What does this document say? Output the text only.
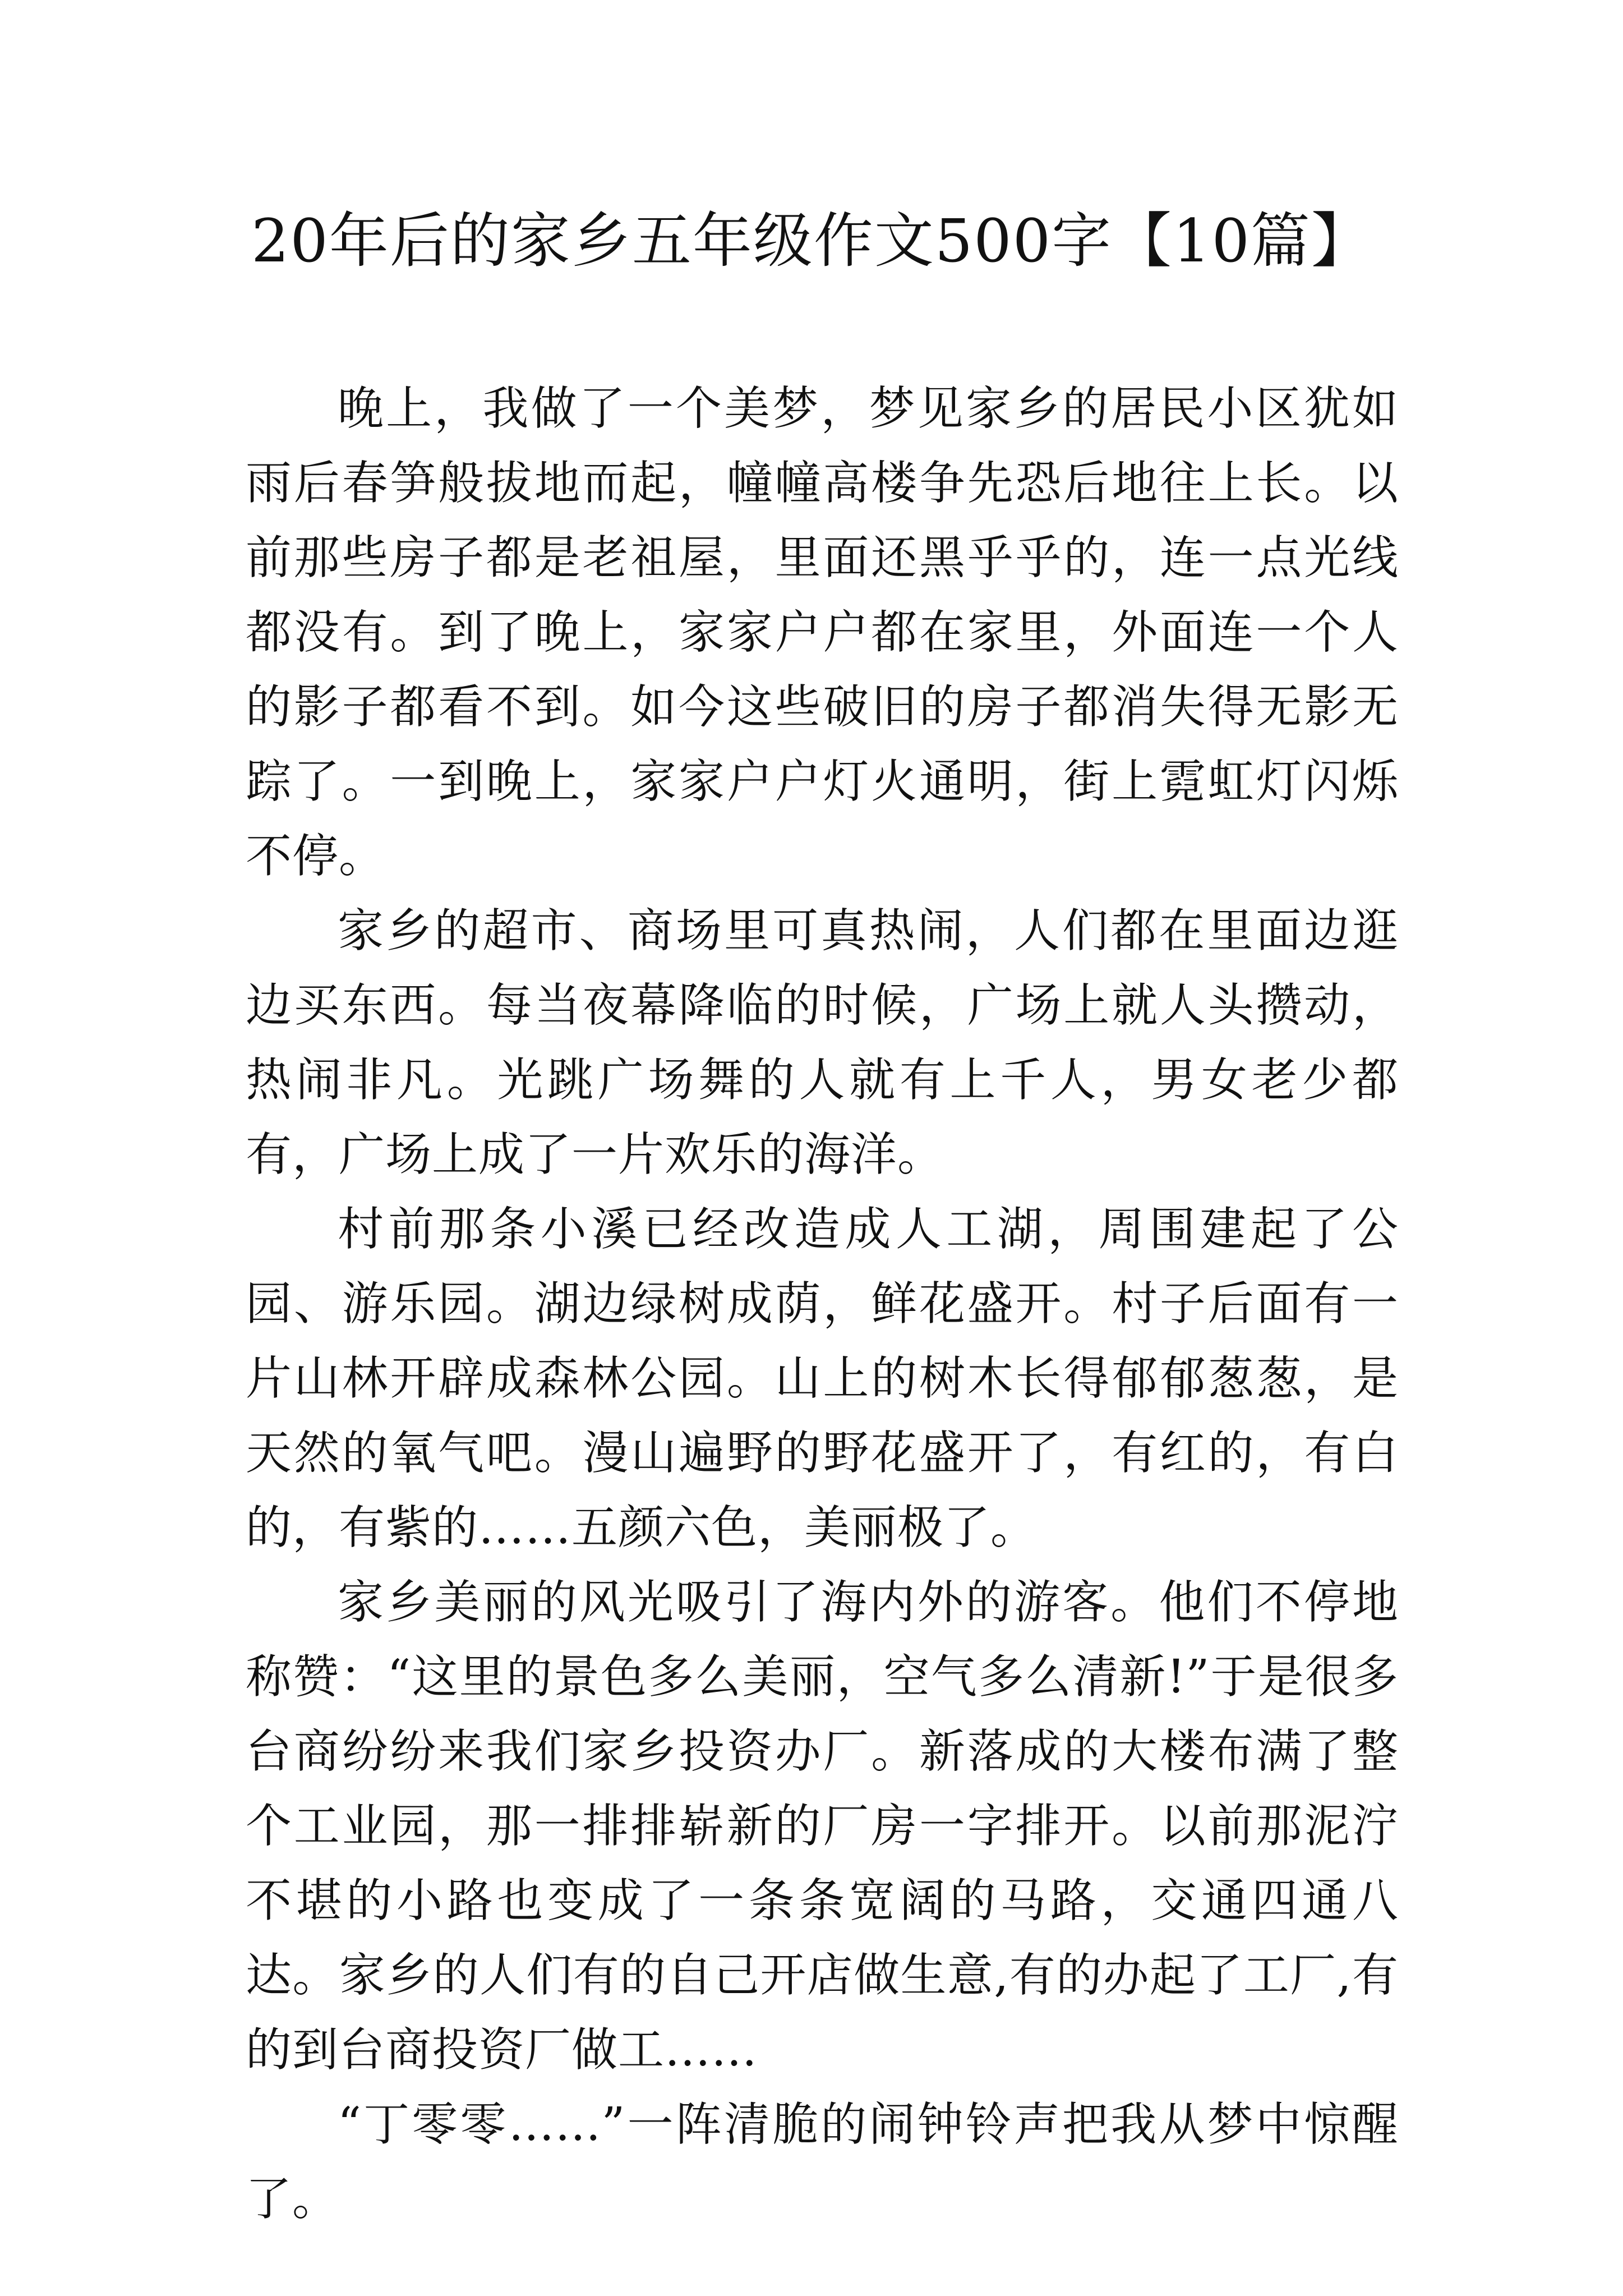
20年后的家乡五年级作文500字【10篇】

晚上，我做了一个美梦，梦见家乡的居民小区犹如雨后春笋般拔地而起，幢幢高楼争先恐后地往上长。以前那些房子都是老祖屋，里面还黑乎乎的，连一点光线都没有。到了晚上，家家户户都在家里，外面连一个人的影子都看不到。如今这些破旧的房子都消失得无影无踪了。一到晚上，家家户户灯火通明，街上霓虹灯闪烁不停。

家乡的超市、商场里可真热闹，人们都在里面边逛边买东西。每当夜幕降临的时候，广场上就人头攒动，热闹非凡。光跳广场舞的人就有上千人，男女老少都有，广场上成了一片欢乐的海洋。

村前那条小溪已经改造成人工湖，周围建起了公园、游乐园。湖边绿树成荫，鲜花盛开。村子后面有一片山林开辟成森林公园。山上的树木长得郁郁葱葱，是天然的氧气吧。漫山遍野的野花盛开了，有红的，有白的，有紫的……五颜六色，美丽极了。

家乡美丽的风光吸引了海内外的游客。他们不停地称赞：“这里的景色多么美丽，空气多么清新!”于是很多台商纷纷来我们家乡投资办厂。新落成的大楼布满了整个工业园，那一排排崭新的厂房一字排开。以前那泥泞不堪的小路也变成了一条条宽阔的马路，交通四通八达。家乡的人们有的自己开店做生意,有的办起了工厂,有的到台商投资厂做工……

“丁零零……”一阵清脆的闹钟铃声把我从梦中惊醒了。
